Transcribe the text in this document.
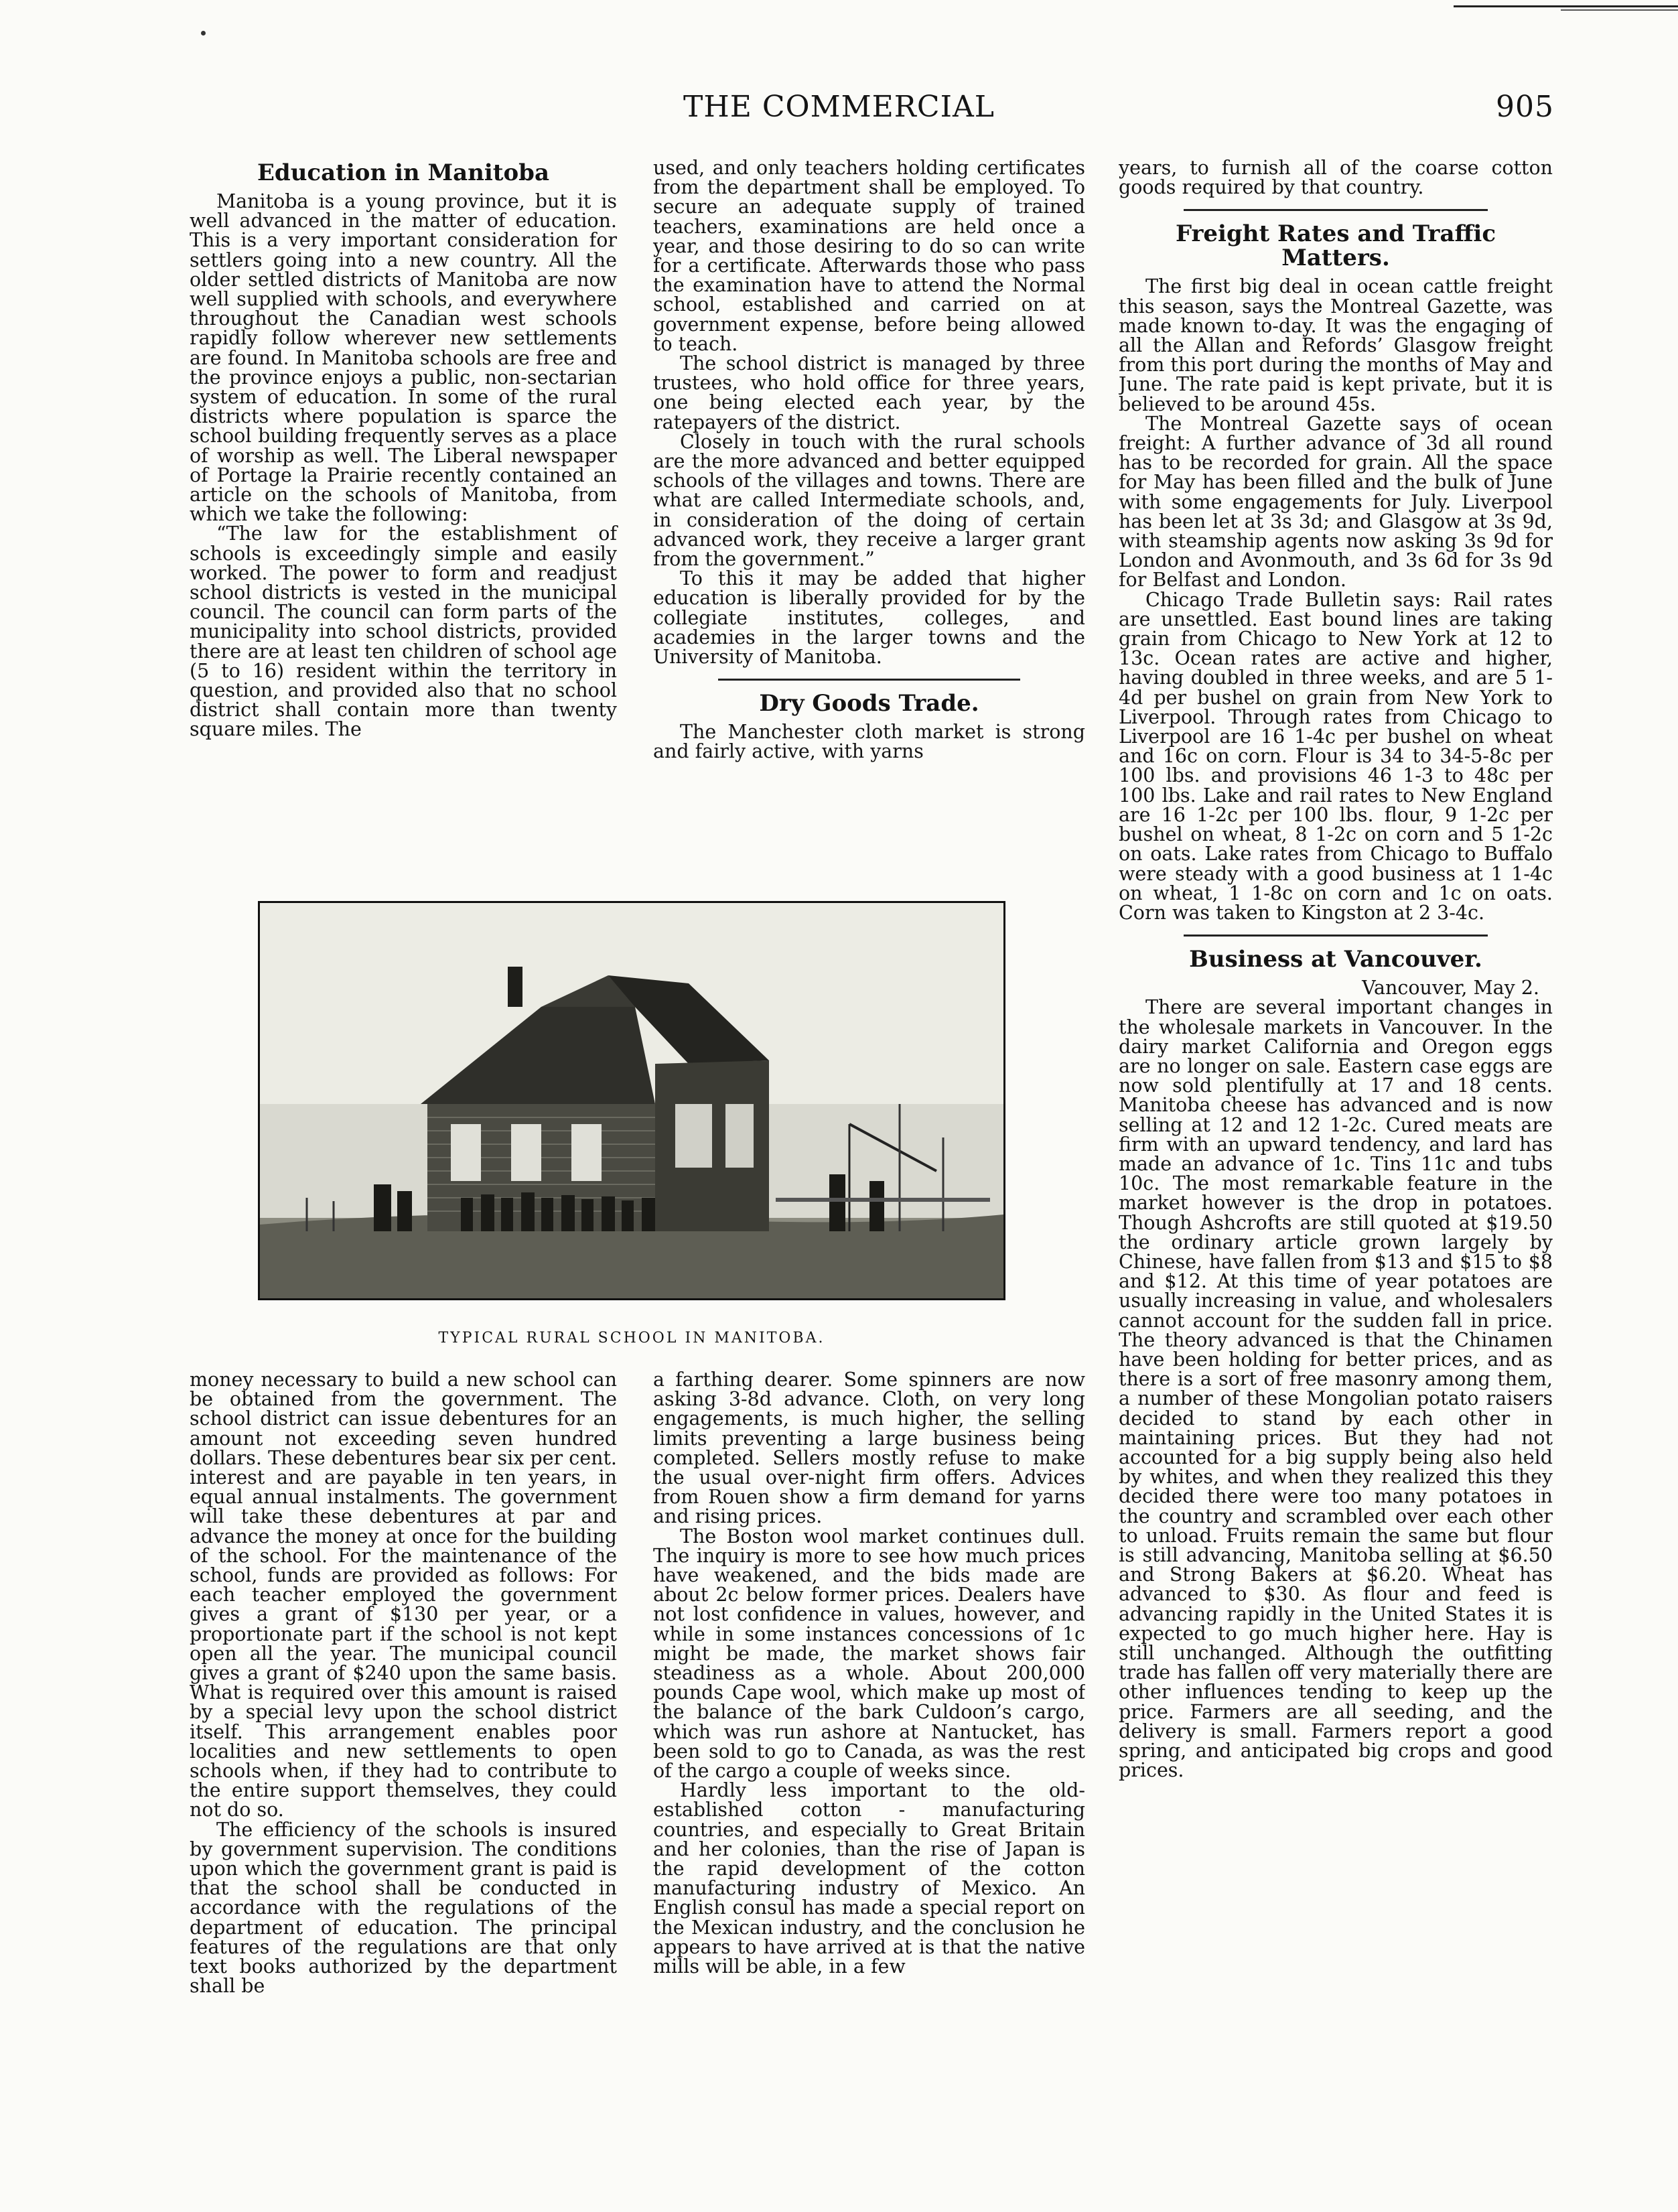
THE COMMERCIAL	905
Education in Manitoba

Manitoba is a young province, but it is well advanced in the matter of education. This is a very important consideration for settlers going into a new country. All the older settled districts of Manitoba are now well supplied with schools, and everywhere throughout the Canadian west schools rapidly follow wherever new settlements are found. In Manitoba schools are free and the province enjoys a public, non-sectarian system of education. In some of the rural districts where population is sparce the school building frequently serves as a place of worship as well. The Liberal newspaper of Portage la Prairie recently contained an article on the schools of Manitoba, from which we take the following:

“The law for the establishment of schools is exceedingly simple and easily worked. The power to form and readjust school districts is vested in the municipal council. The council can form parts of the municipality into school districts, provided there are at least ten children of school age (5 to 16) resident within the territory in question, and provided also that no school district shall contain more than twenty square miles. The

used, and only teachers holding certificates from the department shall be employed. To secure an adequate supply of trained teachers, examinations are held once a year, and those desiring to do so can write for a certificate. Afterwards those who pass the examination have to attend the Normal school, established and carried on at government expense, before being allowed to teach.

The school district is managed by three trustees, who hold office for three years, one being elected each year, by the ratepayers of the district.

Closely in touch with the rural schools are the more advanced and better equipped schools of the villages and towns. There are what are called Intermediate schools, and, in consideration of the doing of certain advanced work, they receive a larger grant from the government.”

To this it may be added that higher education is liberally provided for by the collegiate institutes, colleges, and academies in the larger towns and the University of Manitoba.

Dry Goods Trade.

The Manchester cloth market is strong and fairly active, with yarns

years, to furnish all of the coarse cotton goods required by that country.

Freight Rates and Traffic Matters.

The first big deal in ocean cattle freight this season, says the Montreal Gazette, was made known to-day. It was the engaging of all the Allan and Refords’ Glasgow freight from this port during the months of May and June. The rate paid is kept private, but it is believed to be around 45s.

The Montreal Gazette says of ocean freight: A further advance of 3d all round has to be recorded for grain. All the space for May has been filled and the bulk of June with some engagements for July. Liverpool has been let at 3s 3d; and Glasgow at 3s 9d, with steamship agents now asking 3s 9d for London and Avonmouth, and 3s 6d for 3s 9d for Belfast and London.

Chicago Trade Bulletin says: Rail rates are unsettled. East bound lines are taking grain from Chicago to New York at 12 to 13c. Ocean rates are active and higher, having doubled in three weeks, and are 5 1-4d per bushel on grain from New York to Liverpool. Through rates from Chicago to Liverpool are 16 1-4c per bushel on wheat and 16c on corn. Flour is 34 to 34-5-8c per 100 lbs. and provisions 46 1-3 to 48c per 100 lbs. Lake and rail rates to New England are 16 1-2c per 100 lbs. flour, 9 1-2c per bushel on wheat, 8 1-2c on corn and 5 1-2c on oats. Lake rates from Chicago to Buffalo were steady with a good business at 1 1-4c on wheat, 1 1-8c on corn and 1c on oats. Corn was taken to Kingston at 2 3-4c.

Business at Vancouver.

Vancouver, May 2.

There are several important changes in the wholesale markets in Vancouver. In the dairy market California and Oregon eggs are no longer on sale. Eastern case eggs are now sold plentifully at 17 and 18 cents. Manitoba cheese has advanced and is now selling at 12 and 12 1-2c. Cured meats are firm with an upward tendency, and lard has made an advance of 1c. Tins 11c and tubs 10c. The most remarkable feature in the market however is the drop in potatoes. Though Ashcrofts are still quoted at $19.50 the ordinary article grown largely by Chinese, have fallen from $13 and $15 to $8 and $12. At this time of year potatoes are usually increasing in value, and wholesalers cannot account for the sudden fall in price. The theory advanced is that the Chinamen have been holding for better prices, and as there is a sort of free masonry among them, a number of these Mongolian potato raisers decided to stand by each other in maintaining prices. But they had not accounted for a big supply being also held by whites, and when they realized this they decided there were too many potatoes in the country and scrambled over each other to unload. Fruits remain the same but flour is still advancing, Manitoba selling at $6.50 and Strong Bakers at $6.20. Wheat has advanced to $30. As flour and feed is advancing rapidly in the United States it is expected to go much higher here. Hay is still unchanged. Although the outfitting trade has fallen off very materially there are other influences tending to keep up the price. Farmers are all seeding, and the delivery is small. Farmers report a good spring, and anticipated big crops and good prices.

TYPICAL RURAL SCHOOL IN MANITOBA.

money necessary to build a new school can be obtained from the government. The school district can issue debentures for an amount not exceeding seven hundred dollars. These debentures bear six per cent. interest and are payable in ten years, in equal annual instalments. The government will take these debentures at par and advance the money at once for the building of the school. For the maintenance of the school, funds are provided as follows: For each teacher employed the government gives a grant of $130 per year, or a proportionate part if the school is not kept open all the year. The municipal council gives a grant of $240 upon the same basis. What is required over this amount is raised by a special levy upon the school district itself. This arrangement enables poor localities and new settlements to open schools when, if they had to contribute to the entire support themselves, they could not do so.

The efficiency of the schools is insured by government supervision. The conditions upon which the government grant is paid is that the school shall be conducted in accordance with the regulations of the department of education. The principal features of the regulations are that only text books authorized by the department shall be

a farthing dearer. Some spinners are now asking 3-8d advance. Cloth, on very long engagements, is much higher, the selling limits preventing a large business being completed. Sellers mostly refuse to make the usual over-night firm offers. Advices from Rouen show a firm demand for yarns and rising prices.

The Boston wool market continues dull. The inquiry is more to see how much prices have weakened, and the bids made are about 2c below former prices. Dealers have not lost confidence in values, however, and while in some instances concessions of 1c might be made, the market shows fair steadiness as a whole. About 200,000 pounds Cape wool, which make up most of the balance of the bark Culdoon’s cargo, which was run ashore at Nantucket, has been sold to go to Canada, as was the rest of the cargo a couple of weeks since.

Hardly less important to the old-established cotton - manufacturing countries, and especially to Great Britain and her colonies, than the rise of Japan is the rapid development of the cotton manufacturing industry of Mexico. An English consul has made a special report on the Mexican industry, and the conclusion he appears to have arrived at is that the native mills will be able, in a few
